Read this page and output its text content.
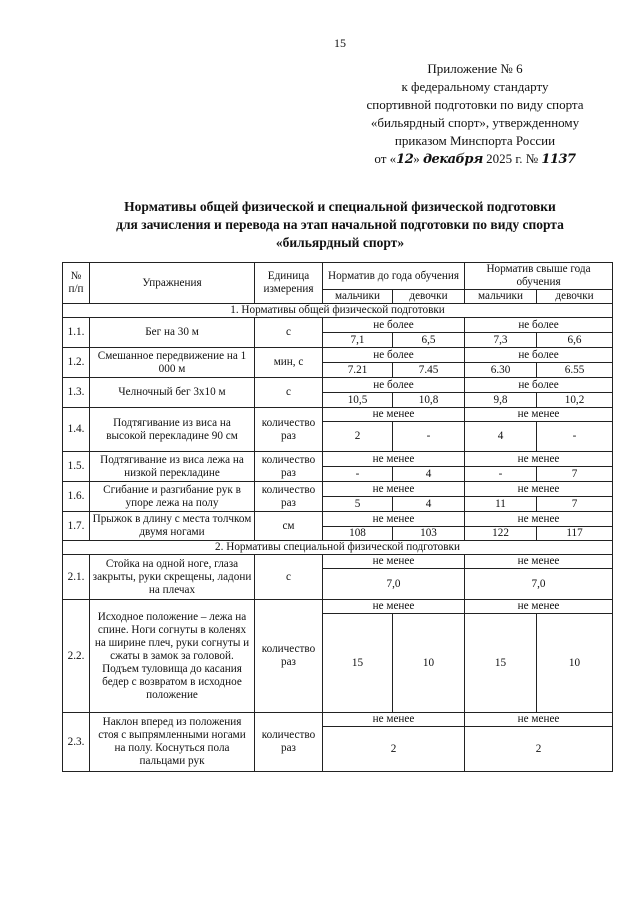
15
Приложение № 6
к федеральному стандарту
спортивной подготовки по виду спорта
«бильярдный спорт», утвержденному
приказом Минспорта России
от «12» декабря 2025 г. № 1137
Нормативы общей физической и специальной физической подготовки
для зачисления и перевода на этап начальной подготовки по виду спорта
«бильярдный спорт»
№ п/п	Упражнения	Единица измерения	Норматив до года обучения		Норматив свыше года обучения	
			мальчики	девочки	мальчики	девочки
1. Нормативы общей физической подготовки						
1.1.	Бег на 30 м	с	не более		не более	
			7,1	6,5	7,3	6,6
1.2.	Смешанное передвижение на 1 000 м	мин, с	не более		не более	
			7.21	7.45	6.30	6.55
1.3.	Челночный бег 3х10 м	с	не более		не более	
			10,5	10,8	9,8	10,2
1.4.	Подтягивание из виса на высокой перекладине 90 см	количество раз	не менее		не менее	
			2	-	4	-
1.5.	Подтягивание из виса лежа на низкой перекладине	количество раз	не менее		не менее	
			-	4	-	7
1.6.	Сгибание и разгибание рук в упоре лежа на полу	количество раз	не менее		не менее	
			5	4	11	7
1.7.	Прыжок в длину с места толчком двумя ногами	см	не менее		не менее	
			108	103	122	117
2. Нормативы специальной физической подготовки						
2.1.	Стойка на одной ноге, глаза закрыты, руки скрещены, ладони на плечах	с	не менее		не менее	
			7,0		7,0	
2.2.	Исходное положение – лежа на спине. Ноги согнуты в коленях на ширине плеч, руки согнуты и сжаты в замок за головой. Подъем туловища до касания бедер с возвратом в исходное положение	количество раз	не менее		не менее	
			15	10	15	10
2.3.	Наклон вперед из положения стоя с выпрямленными ногами на полу. Коснуться пола пальцами рук	количество раз	не менее		не менее	
			2		2	
